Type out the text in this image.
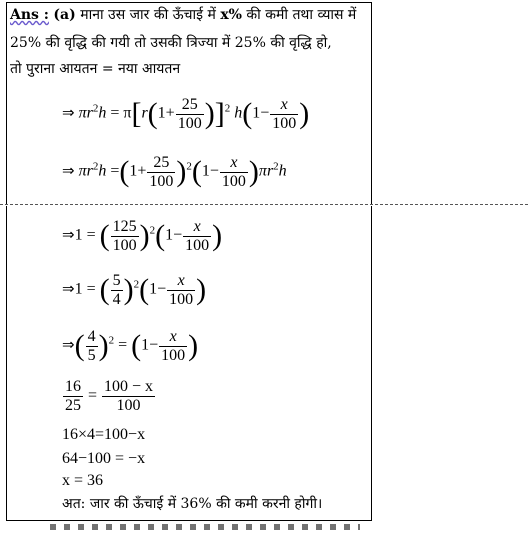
Ans : (a) माना उस जार की ऊँचाई में x% की कमी तथा व्यास में
25% की वृद्धि की गयी तो उसकी त्रिज्या में 25% की वृद्धि हो,
तो पुराना आयतन = नया आयतन
⇒ $\pi r^2h = \pi[r(1+ \frac{25}{100} )]^2$ $h(1- \frac{x}{100}$ )
⇒ $\pi r^2h =(1+ \frac{25}{100} )^2(1- \frac{x}{100} )\pi r^2h$
⇒1 = ( $\frac{125}{100} )^2(1- \frac{x}{100}$ )
⇒1 = ( $\frac{5}{4} )^2(1- \frac{x}{100}$ )
⇒( $\frac{4}{5} )^2 = (1- \frac{x}{100}$ )
$\frac{16}{25} = \frac{100 - x}{100}$
16×4=100−x
64−100 = −x
x = 36
अत: जार की ऊँचाई में 36% की कमी करनी होगी।
